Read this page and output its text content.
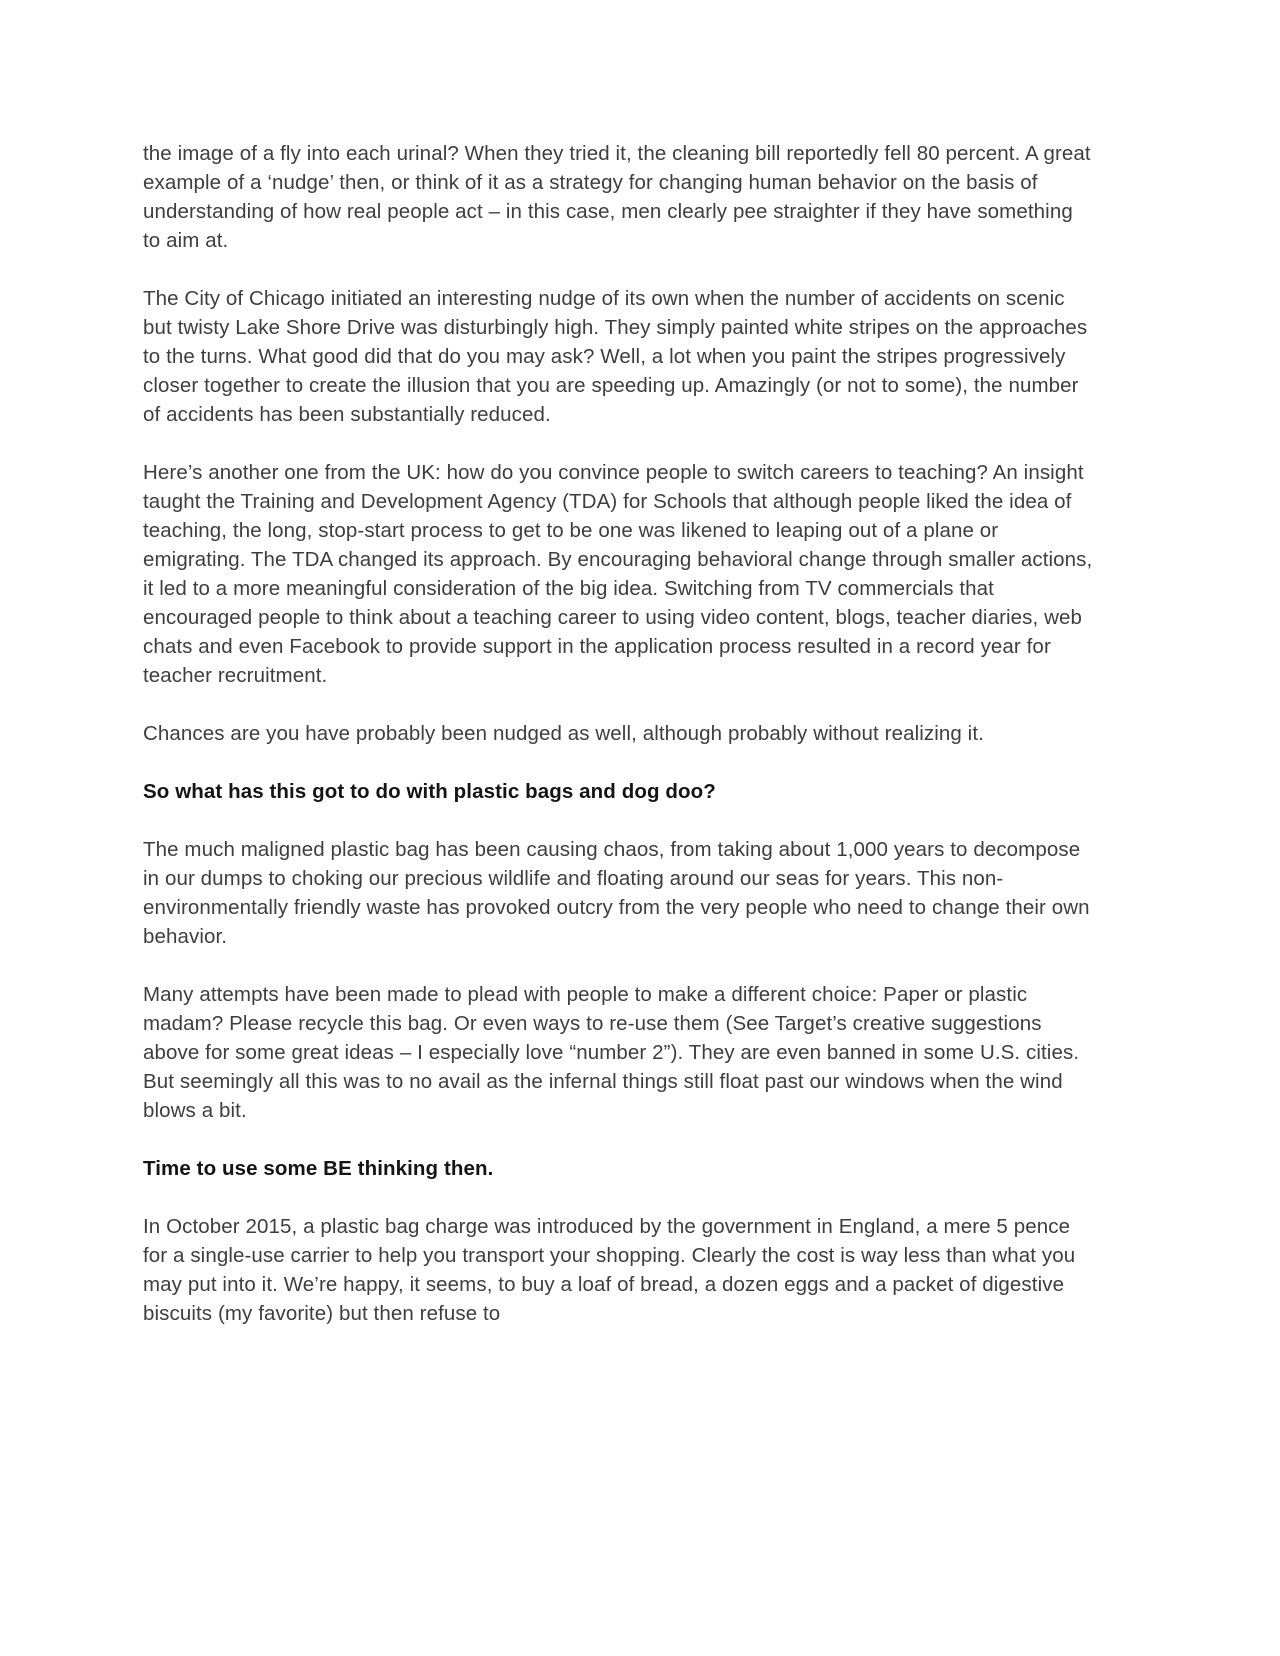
the image of a fly into each urinal? When they tried it, the cleaning bill reportedly fell 80 percent. A great example of a ‘nudge’ then, or think of it as a strategy for changing human behavior on the basis of understanding of how real people act – in this case, men clearly pee straighter if they have something to aim at.

The City of Chicago initiated an interesting nudge of its own when the number of accidents on scenic but twisty Lake Shore Drive was disturbingly high. They simply painted white stripes on the approaches to the turns. What good did that do you may ask? Well, a lot when you paint the stripes progressively closer together to create the illusion that you are speeding up. Amazingly (or not to some), the number of accidents has been substantially reduced.

Here’s another one from the UK: how do you convince people to switch careers to teaching? An insight taught the Training and Development Agency (TDA) for Schools that although people liked the idea of teaching, the long, stop-start process to get to be one was likened to leaping out of a plane or emigrating. The TDA changed its approach. By encouraging behavioral change through smaller actions, it led to a more meaningful consideration of the big idea. Switching from TV commercials that encouraged people to think about a teaching career to using video content, blogs, teacher diaries, web chats and even Facebook to provide support in the application process resulted in a record year for teacher recruitment.

Chances are you have probably been nudged as well, although probably without realizing it.

So what has this got to do with plastic bags and dog doo?

The much maligned plastic bag has been causing chaos, from taking about 1,000 years to decompose in our dumps to choking our precious wildlife and floating around our seas for years. This non-environmentally friendly waste has provoked outcry from the very people who need to change their own behavior.

Many attempts have been made to plead with people to make a different choice: Paper or plastic madam? Please recycle this bag. Or even ways to re-use them (See Target’s creative suggestions above for some great ideas – I especially love “number 2”). They are even banned in some U.S. cities. But seemingly all this was to no avail as the infernal things still float past our windows when the wind blows a bit.

Time to use some BE thinking then.

In October 2015, a plastic bag charge was introduced by the government in England, a mere 5 pence for a single-use carrier to help you transport your shopping. Clearly the cost is way less than what you may put into it. We’re happy, it seems, to buy a loaf of bread, a dozen eggs and a packet of digestive biscuits (my favorite) but then refuse to
